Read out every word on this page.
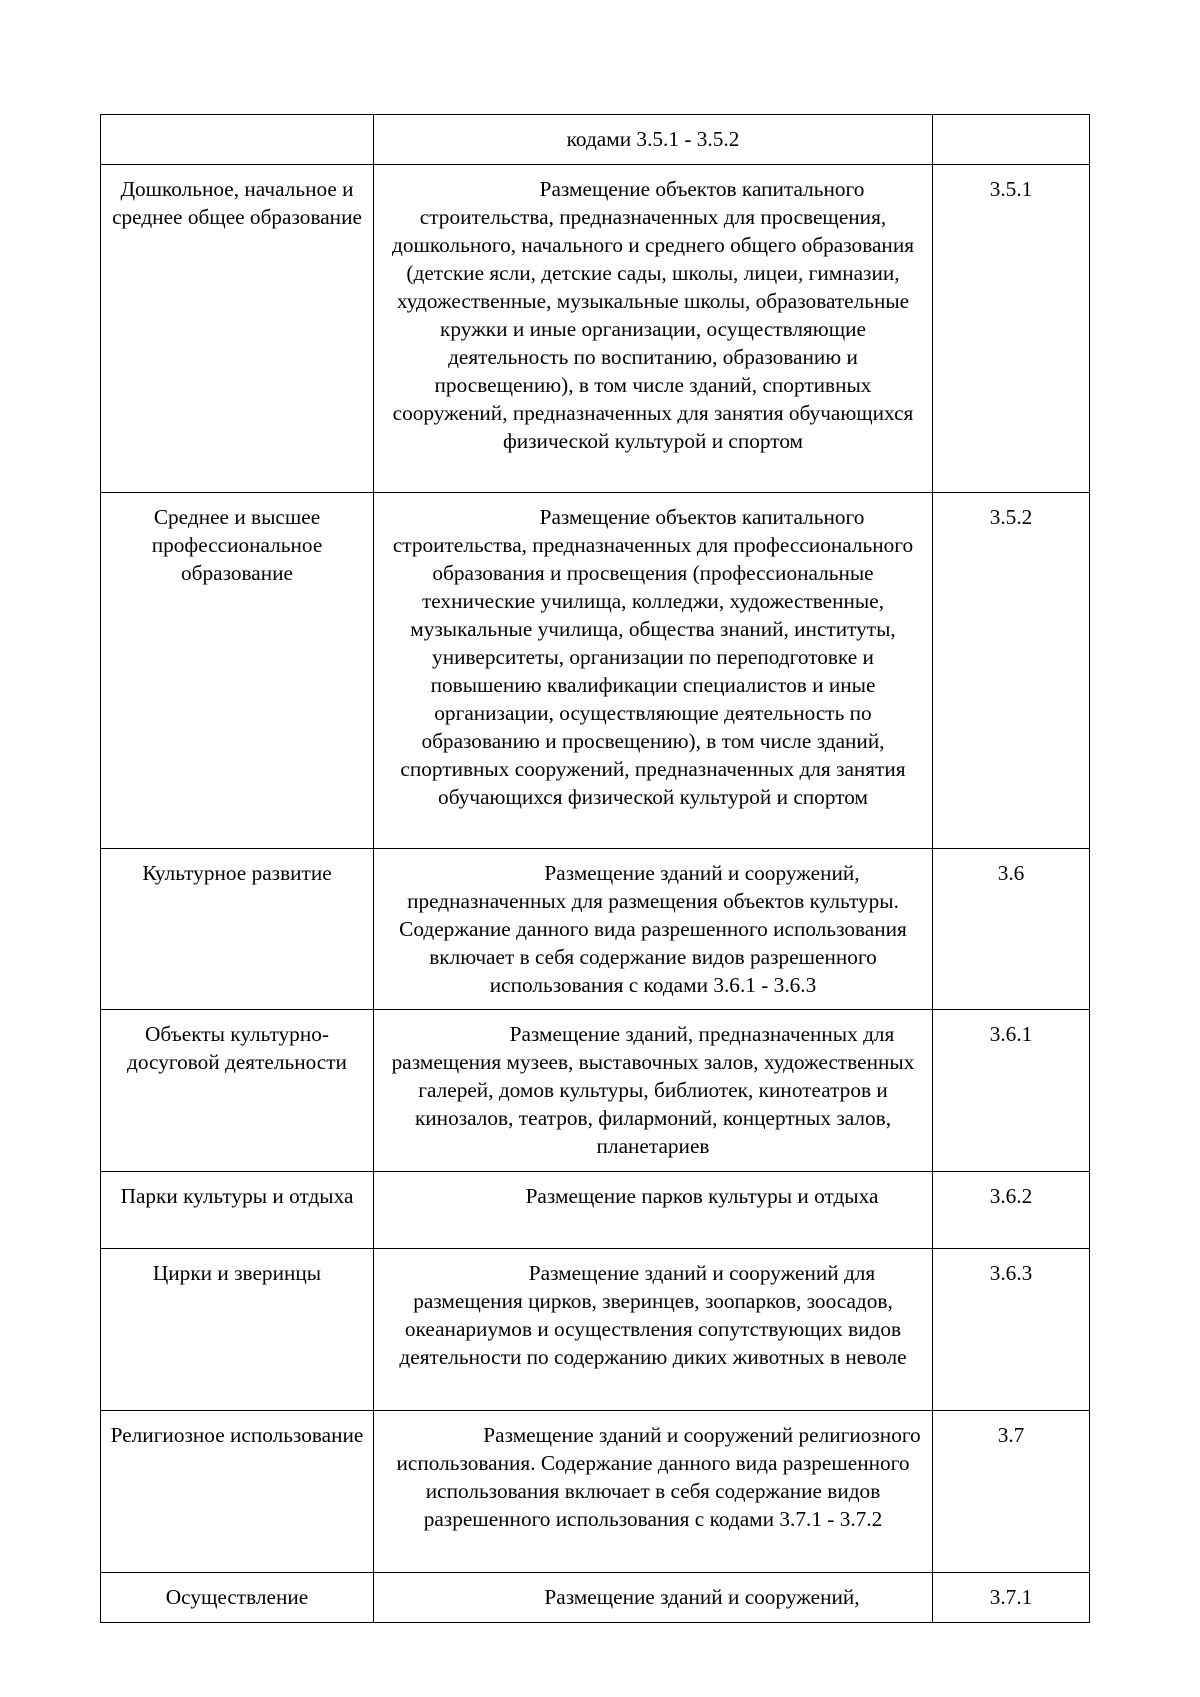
	кодами 3.5.1 - 3.5.2	
Дошкольное, начальное и среднее общее образование	Размещение объектов капитального строительства, предназначенных для просвещения, дошкольного, начального и среднего общего образования (детские ясли, детские сады, школы, лицеи, гимназии, художественные, музыкальные школы, образовательные кружки и иные организации, осуществляющие деятельность по воспитанию, образованию и просвещению), в том числе зданий, спортивных сооружений, предназначенных для занятия обучающихся физической культурой и спортом	3.5.1
Среднее и высшее профессиональное образование	Размещение объектов капитального строительства, предназначенных для профессионального образования и просвещения (профессиональные технические училища, колледжи, художественные, музыкальные училища, общества знаний, институты, университеты, организации по переподготовке и повышению квалификации специалистов и иные организации, осуществляющие деятельность по образованию и просвещению), в том числе зданий, спортивных сооружений, предназначенных для занятия обучающихся физической культурой и спортом	3.5.2
Культурное развитие	Размещение зданий и сооружений, предназначенных для размещения объектов культуры. Содержание данного вида разрешенного использования включает в себя содержание видов разрешенного использования с кодами 3.6.1 - 3.6.3	3.6
Объекты культурно-досуговой деятельности	Размещение зданий, предназначенных для размещения музеев, выставочных залов, художественных галерей, домов культуры, библиотек, кинотеатров и кинозалов, театров, филармоний, концертных залов, планетариев	3.6.1
Парки культуры и отдыха	Размещение парков культуры и отдыха	3.6.2
Цирки и зверинцы	Размещение зданий и сооружений для размещения цирков, зверинцев, зоопарков, зоосадов, океанариумов и осуществления сопутствующих видов деятельности по содержанию диких животных в неволе	3.6.3
Религиозное использование	Размещение зданий и сооружений религиозного использования. Содержание данного вида разрешенного использования включает в себя содержание видов разрешенного использования с кодами 3.7.1 - 3.7.2	3.7
Осуществление	Размещение зданий и сооружений,	3.7.1
